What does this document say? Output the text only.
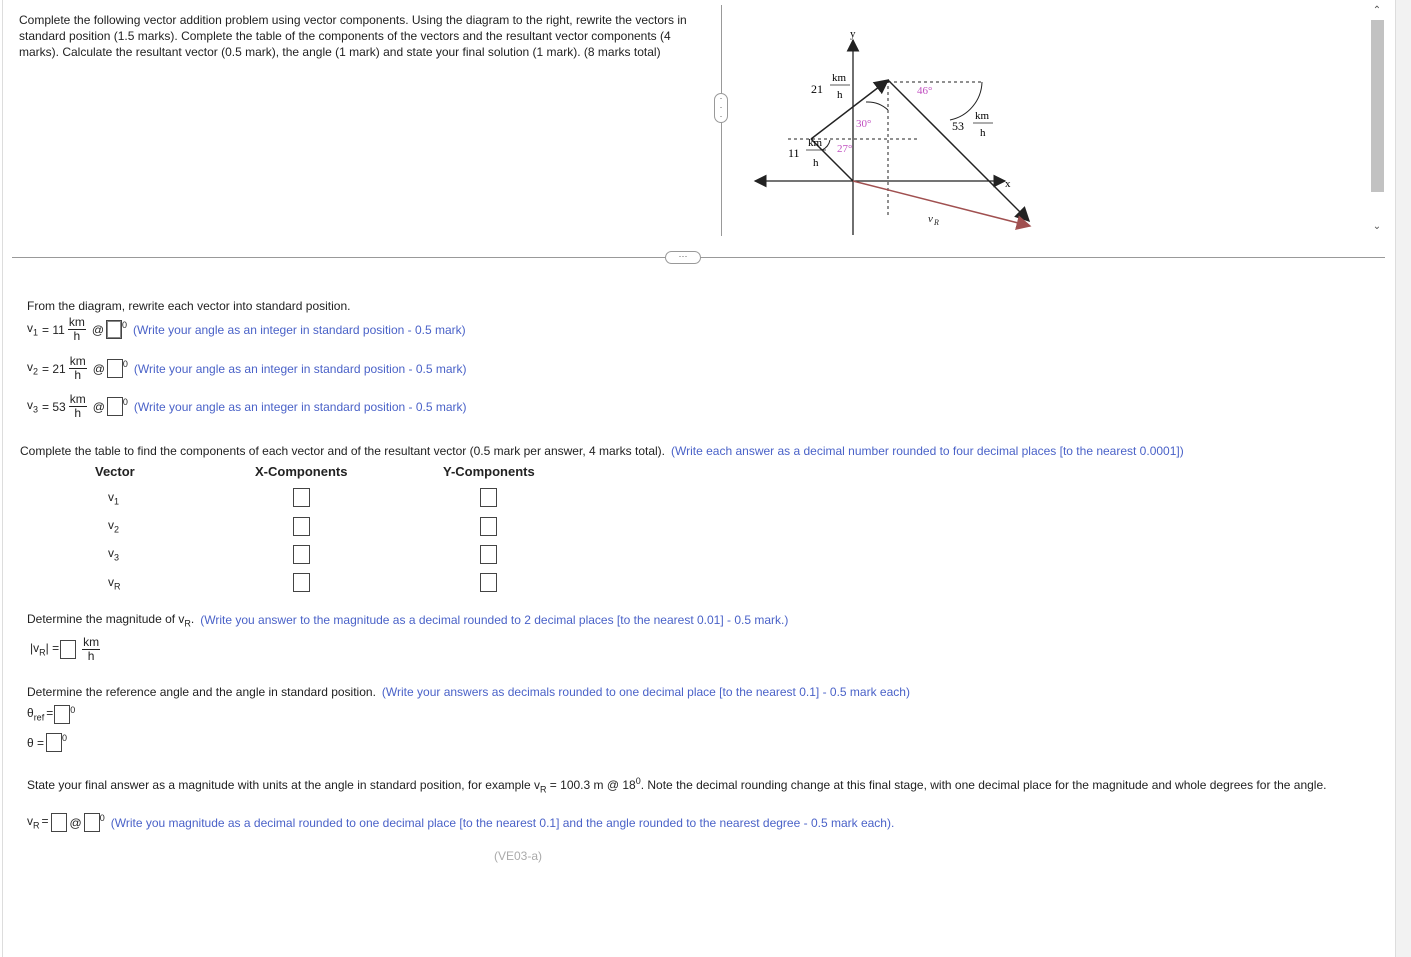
Complete the following vector addition problem using vector components. Using the diagram to the right, rewrite the vectors in standard position (1.5 marks). Complete the table of the components of the vectors and the resultant vector components (4 marks). Calculate the resultant vector (0.5 mark), the angle (1 mark) and state your final solution (1 mark). (8 marks total)
·
·
·
y
x
21
km
h
11
km
h
53
km
h
27°
30°
46°
v R
⌃
⌄
···
From the diagram, rewrite each vector into standard position.
$v_1 = 11 \frac{km}{h}$ @ $^0$ (Write your angle as an integer in standard position - 0.5 mark)
$v_2 = 21 \frac{km}{h}$ @ $^0$ (Write your angle as an integer in standard position - 0.5 mark)
$v_3 = 53 \frac{km}{h}$ @ $^0$ (Write your angle as an integer in standard position - 0.5 mark)
Complete the table to find the components of each vector and of the resultant vector (0.5 mark per answer, 4 marks total). (Write each answer as a decimal number rounded to four decimal places [to the nearest 0.0001])
Vector	X-Components	Y-Components
$v_1$
$v_2$
$v_3$
$v_R$
Determine the magnitude of $v_R$. (Write you answer to the magnitude as a decimal rounded to 2 decimal places [to the nearest 0.01] - 0.5 mark.)
$|v_R| = \frac{km}{h}$
Determine the reference angle and the angle in standard position. (Write your answers as decimals rounded to one decimal place [to the nearest 0.1] - 0.5 mark each)
$\theta_{ref} = ^0$
θ = $^0$
State your final answer as a magnitude with units at the angle in standard position, for example $v_R = 100.3$ m @ $18^0$. Note the decimal rounding change at this final stage, with one decimal place for the magnitude and whole degrees for the angle.
$v_R$ = @ $^0$ (Write you magnitude as a decimal rounded to one decimal place [to the nearest 0.1] and the angle rounded to the nearest degree - 0.5 mark each).
(VE03-a)
